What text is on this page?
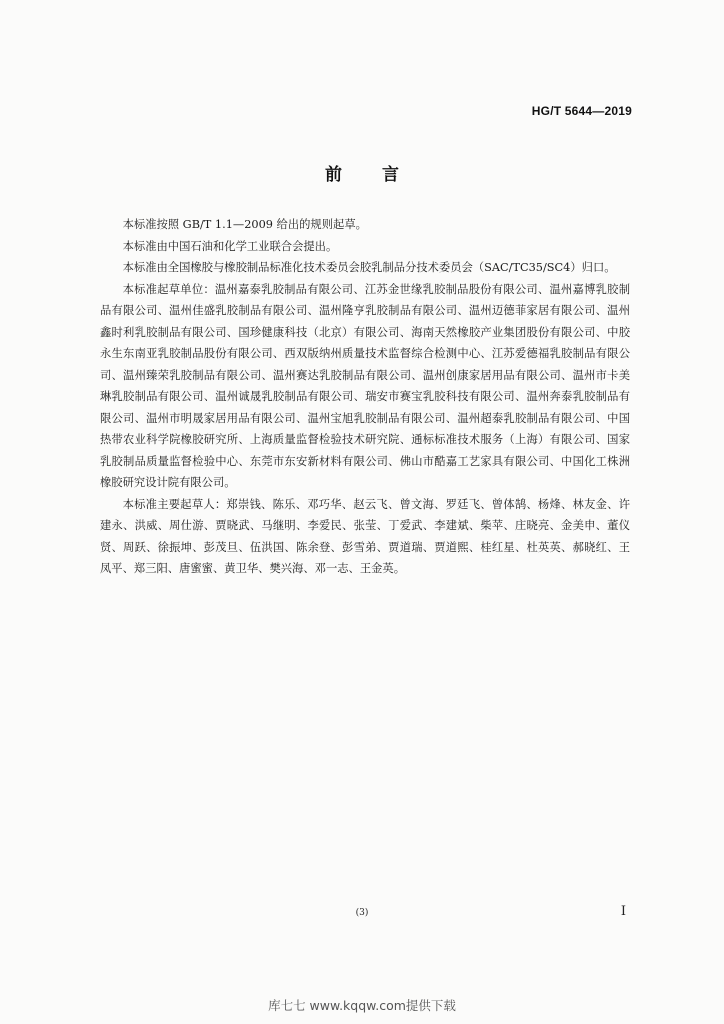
HG/T 5644—2019
前言

本标准按照 GB/T 1.1—2009 给出的规则起草。

本标准由中国石油和化学工业联合会提出。

本标准由全国橡胶与橡胶制品标准化技术委员会胶乳制品分技术委员会（SAC/TC35/SC4）归口。

本标准起草单位：温州嘉泰乳胶制品有限公司、江苏金世缘乳胶制品股份有限公司、温州嘉博乳胶制品有限公司、温州佳盛乳胶制品有限公司、温州隆亨乳胶制品有限公司、温州迈德菲家居有限公司、温州鑫时利乳胶制品有限公司、国珍健康科技（北京）有限公司、海南天然橡胶产业集团股份有限公司、中胶永生东南亚乳胶制品股份有限公司、西双版纳州质量技术监督综合检测中心、江苏爱德福乳胶制品有限公司、温州臻荣乳胶制品有限公司、温州赛达乳胶制品有限公司、温州创康家居用品有限公司、温州市卡美琳乳胶制品有限公司、温州诚晟乳胶制品有限公司、瑞安市赛宝乳胶科技有限公司、温州奔泰乳胶制品有限公司、温州市明晟家居用品有限公司、温州宝旭乳胶制品有限公司、温州超泰乳胶制品有限公司、中国热带农业科学院橡胶研究所、上海质量监督检验技术研究院、通标标准技术服务（上海）有限公司、国家乳胶制品质量监督检验中心、东莞市东安新材料有限公司、佛山市酷嘉工艺家具有限公司、中国化工株洲橡胶研究设计院有限公司。

本标准主要起草人：郑崇钱、陈乐、邓巧华、赵云飞、曾文海、罗廷飞、曾体鹄、杨烽、林友金、许建永、洪威、周仕游、贾晓武、马继明、李爱民、张莹、丁爱武、李建斌、柴苹、庄晓亮、金美申、董仪贤、周跃、徐振坤、彭茂旦、伍洪国、陈余登、彭雪弟、贾道瑞、贾道熙、桂红星、杜英英、郝晓红、王凤平、郑三阳、唐蜜蜜、黄卫华、樊兴海、邓一志、王金英。

(3)	I
库七七 www.kqqw.com提供下载
